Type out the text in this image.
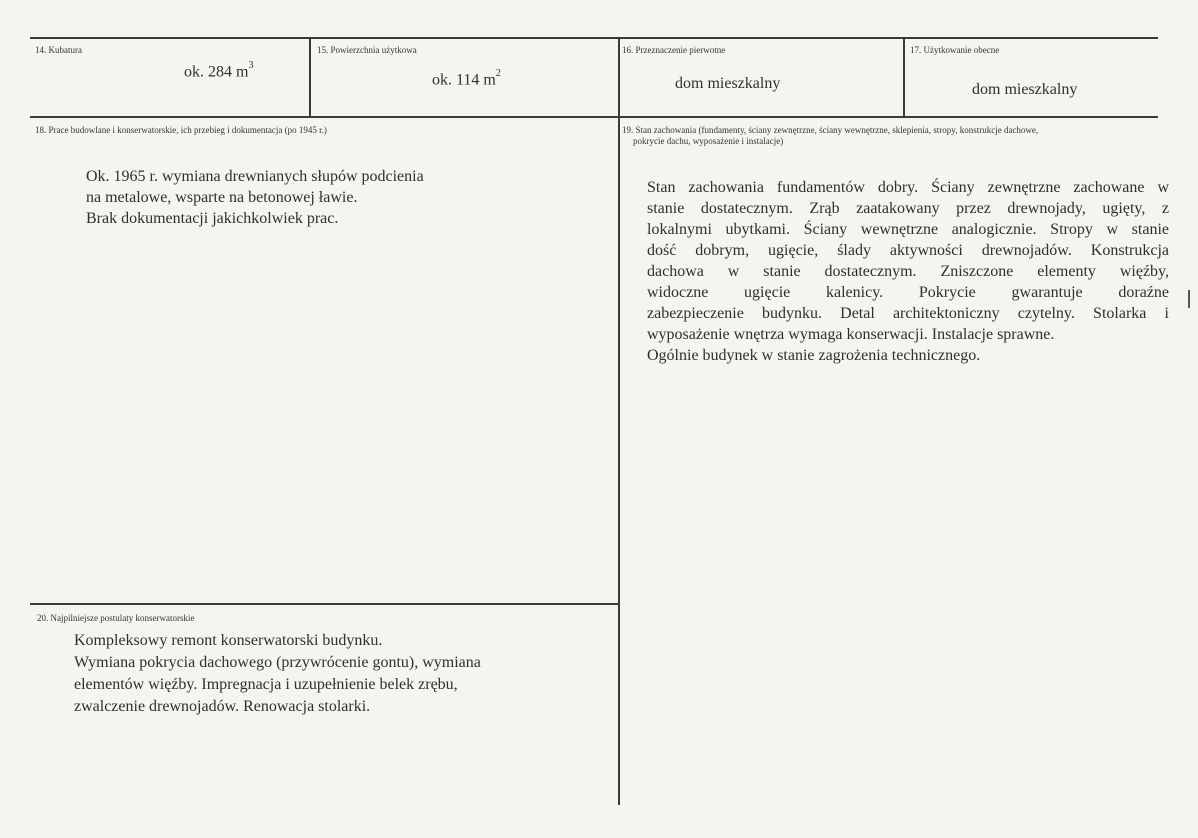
14. Kubatura
ok. 284 $m^3$
15. Powierzchnia użytkowa
ok. 114 $m^2$
16. Przeznaczenie pierwotne
dom mieszkalny
17. Użytkowanie obecne
dom mieszkalny
18. Prace budowlane i konserwatorskie, ich przebieg i dokumentacja (po 1945 r.)
Ok. 1965 r. wymiana drewnianych słupów podcienia
na metalowe, wsparte na betonowej ławie.
Brak dokumentacji jakichkolwiek prac.
19. Stan zachowania (fundamenty, ściany zewnętrzne, ściany wewnętrzne, sklepienia, stropy, konstrukcje dachowe,
pokrycie dachu, wyposażenie i instalacje)
Stan zachowania fundamentów dobry. Ściany zewnętrzne zachowane w
stanie dostatecznym. Zrąb zaatakowany przez drewnojady, ugięty, z
lokalnymi ubytkami. Ściany wewnętrzne analogicznie. Stropy w stanie
dość dobrym, ugięcie, ślady aktywności drewnojadów. Konstrukcja
dachowa w stanie dostatecznym. Zniszczone elementy więźby,
widoczne ugięcie kalenicy. Pokrycie gwarantuje doraźne
zabezpieczenie budynku. Detal architektoniczny czytelny. Stolarka i
wyposażenie wnętrza wymaga konserwacji. Instalacje sprawne.
Ogólnie budynek w stanie zagrożenia technicznego.
20. Najpilniejsze postulaty konserwatorskie
Kompleksowy remont konserwatorski budynku.
Wymiana pokrycia dachowego (przywrócenie gontu), wymiana
elementów więźby. Impregnacja i uzupełnienie belek zrębu,
zwalczenie drewnojadów. Renowacja stolarki.
